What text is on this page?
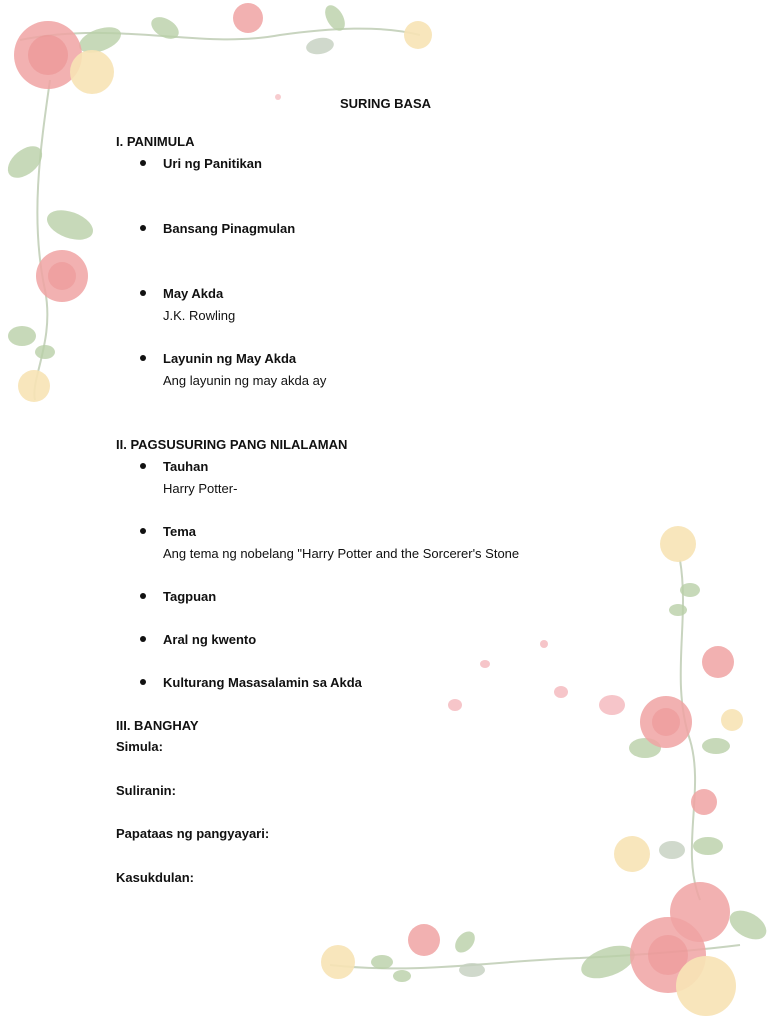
SURING BASA
I. PANIMULA
Uri ng Panitikan
Bansang Pinagmulan
May Akda
J.K. Rowling
Layunin ng May Akda
Ang layunin ng may akda ay
II. PAGSUSURING PANG NILALAMAN
Tauhan
Harry Potter-
Tema
Ang tema ng nobelang "Harry Potter and the Sorcerer's Stone
Tagpuan
Aral ng kwento
Kulturang Masasalamin sa Akda
III. BANGHAY
Simula:
Suliranin:
Papataas ng pangyayari:
Kasukdulan:
